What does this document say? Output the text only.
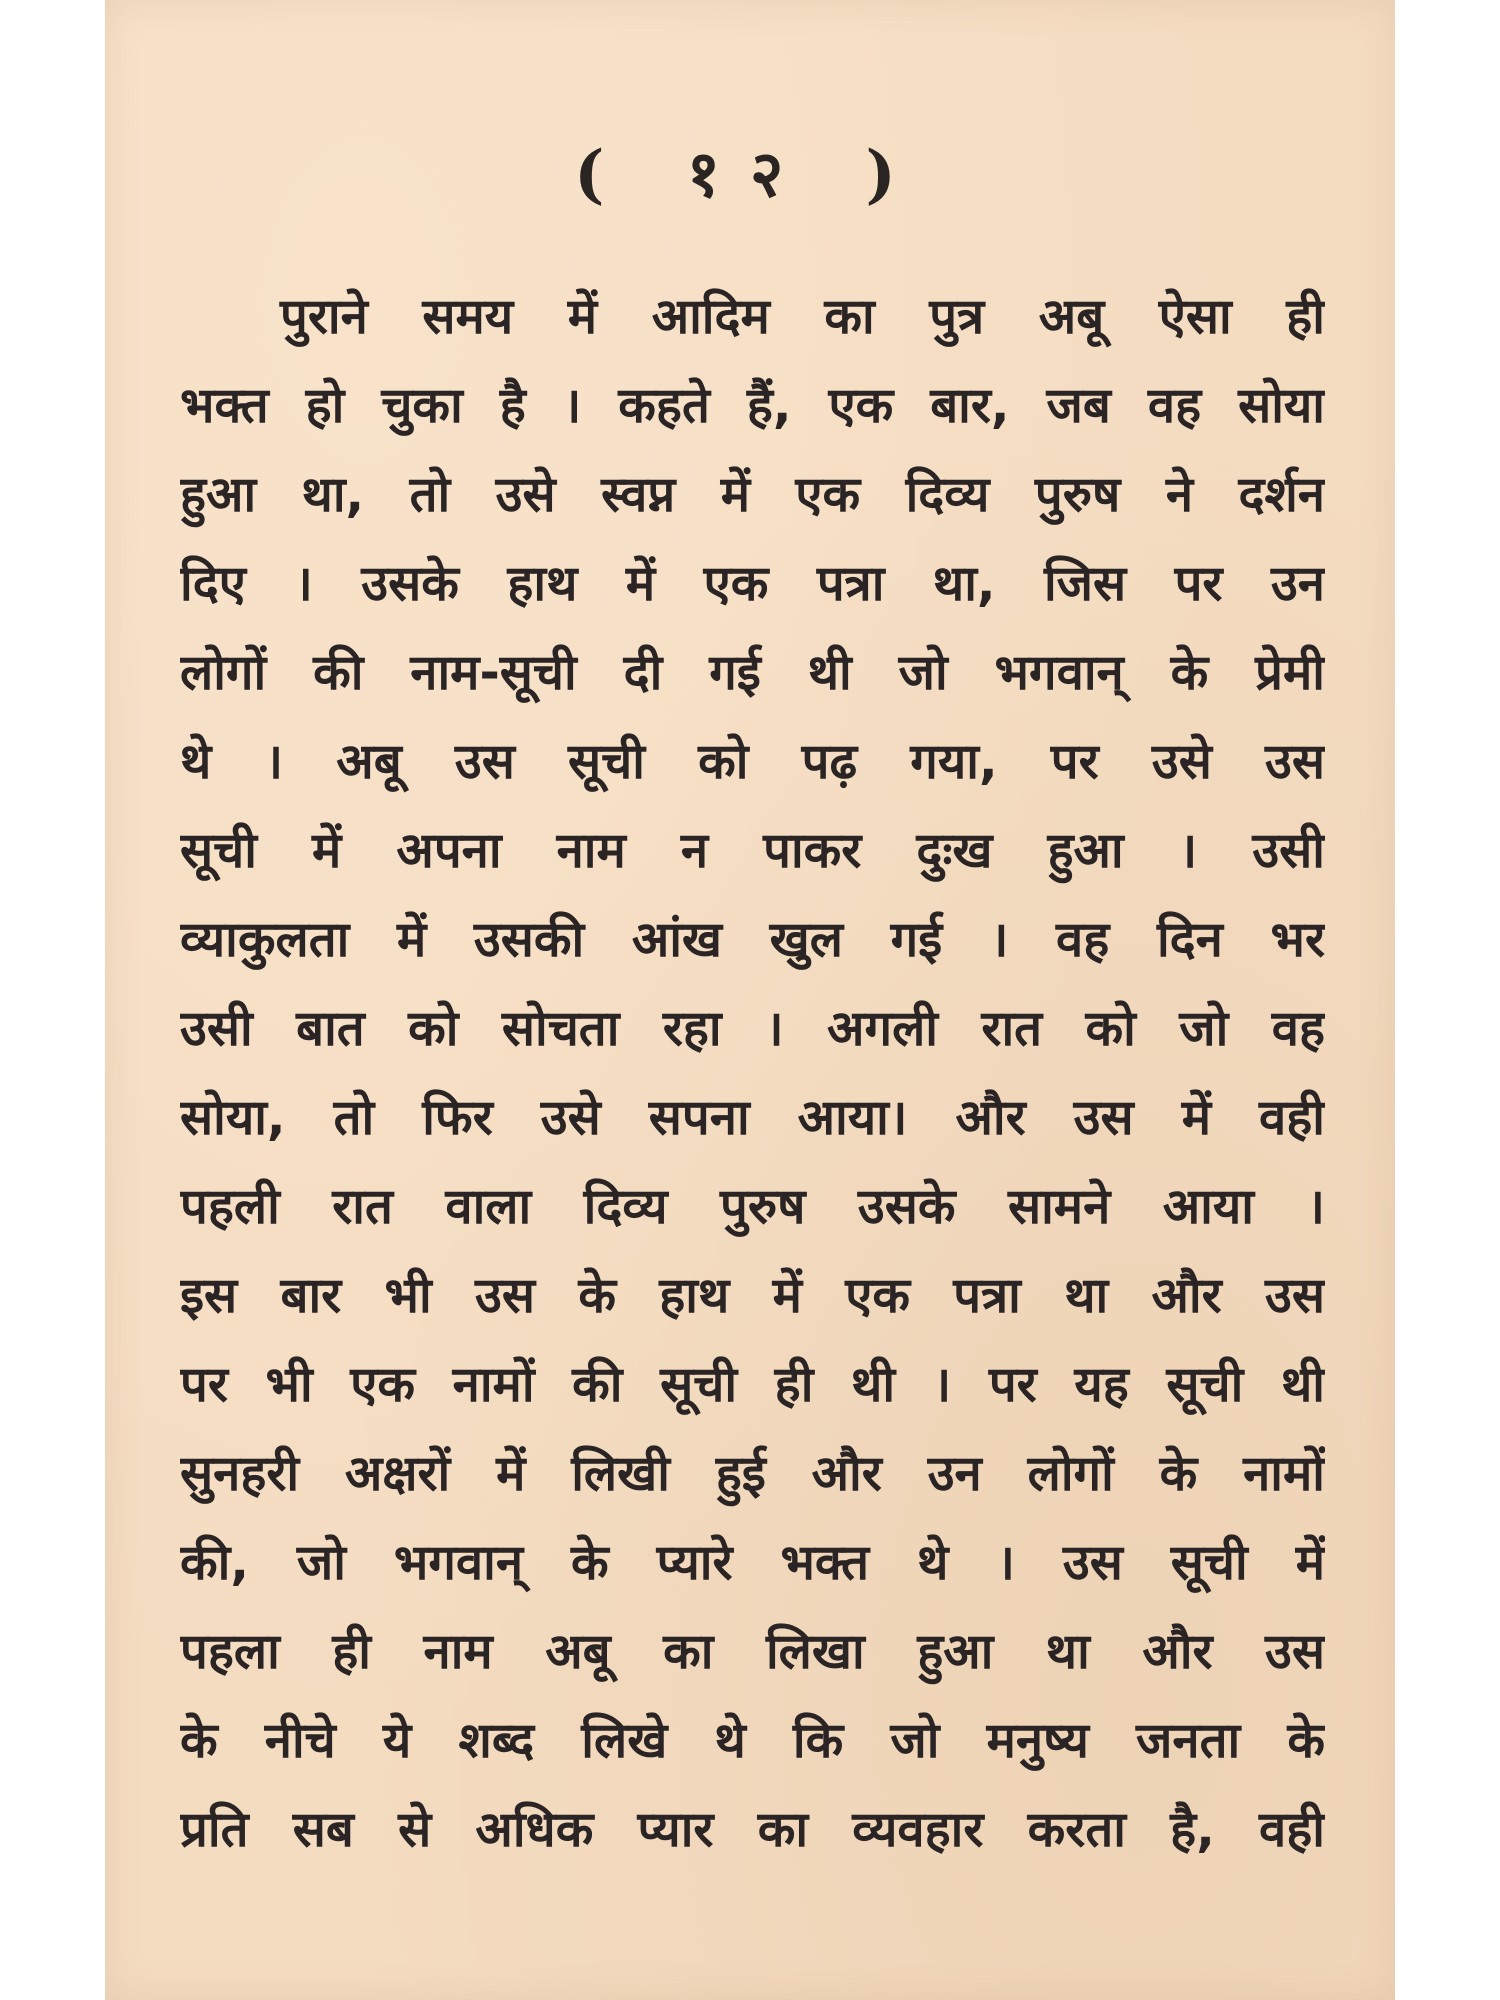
( १२ )
पुराने समय में आदिम का पुत्र अबू ऐसा ही
भक्त हो चुका है । कहते हैं, एक बार, जब वह सोया
हुआ था, तो उसे स्वप्न में एक दिव्य पुरुष ने दर्शन
दिए । उसके हाथ में एक पत्रा था, जिस पर उन
लोगों की नाम-सूची दी गई थी जो भगवान् के प्रेमी
थे । अबू उस सूची को पढ़ गया, पर उसे उस
सूची में अपना नाम न पाकर दुःख हुआ । उसी
व्याकुलता में उसकी आंख खुल गई । वह दिन भर
उसी बात को सोचता रहा । अगली रात को जो वह
सोया, तो फिर उसे सपना आया। और उस में वही
पहली रात वाला दिव्य पुरुष उसके सामने आया ।
इस बार भी उस के हाथ में एक पत्रा था और उस
पर भी एक नामों की सूची ही थी । पर यह सूची थी
सुनहरी अक्षरों में लिखी हुई और उन लोगों के नामों
की, जो भगवान् के प्यारे भक्त थे । उस सूची में
पहला ही नाम अबू का लिखा हुआ था और उस
के नीचे ये शब्द लिखे थे कि जो मनुष्य जनता के
प्रति सब से अधिक प्यार का व्यवहार करता है, वही
